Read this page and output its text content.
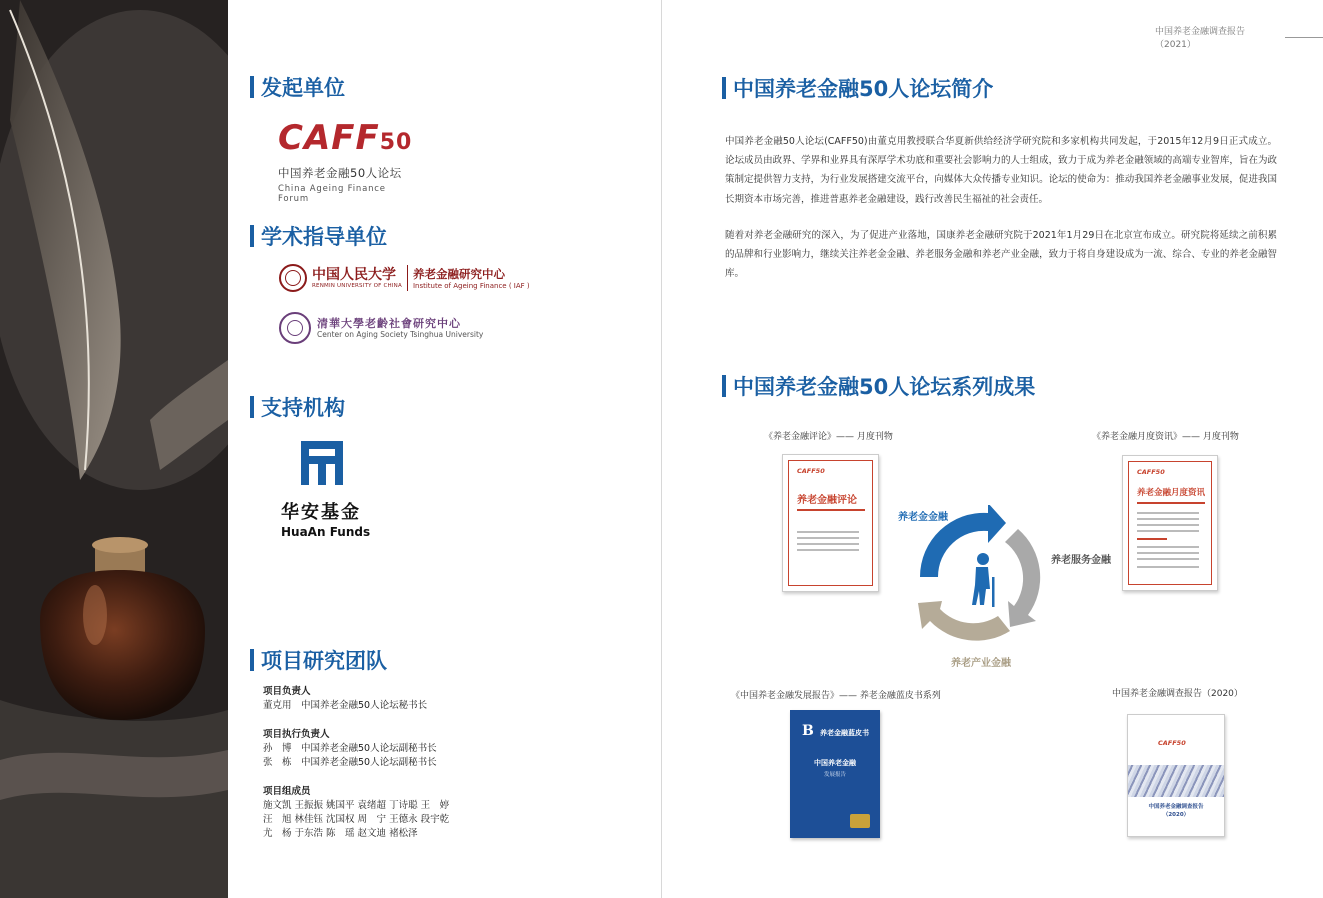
发起单位
CAFF50
中国养老金融50人论坛
China Ageing Finance Forum
学术指导单位
中国人民大学
RENMIN UNIVERSITY OF CHINA
养老金融研究中心
Institute of Ageing Finance ( IAF )
清華大學老齡社會研究中心
Center on Aging Society Tsinghua University
支持机构
华安基金
HuaAn Funds
项目研究团队
项目负责人
董克用　中国养老金融50人论坛秘书长
项目执行负责人
孙　博　中国养老金融50人论坛副秘书长
张　栋　中国养老金融50人论坛副秘书长
项目组成员
施文凯 王振振 姚国平 袁绪超 丁诗聪 王　婷
汪　旭 林佳钰 沈国权 周　宁 王德永 段宇乾
尤　杨 于东浩 陈　瑶 赵文迪 褚松泽
中国养老金融调查报告（2021）
中国养老金融50人论坛简介
中国养老金融50人论坛(CAFF50)由董克用教授联合华夏新供给经济学研究院和多家机构共同发起，于2015年12月9日正式成立。论坛成员由政界、学界和业界具有深厚学术功底和重要社会影响力的人士组成，致力于成为养老金融领域的高端专业智库，旨在为政策制定提供智力支持，为行业发展搭建交流平台，向媒体大众传播专业知识。论坛的使命为：推动我国养老金融事业发展，促进我国长期资本市场完善，推进普惠养老金融建设，践行改善民生福祉的社会责任。
随着对养老金融研究的深入，为了促进产业落地，国康养老金融研究院于2021年1月29日在北京宣布成立。研究院将延续之前积累的品牌和行业影响力，继续关注养老金金融、养老服务金融和养老产业金融，致力于将自身建设成为一流、综合、专业的养老金融智库。
中国养老金融50人论坛系列成果
《养老金融评论》—— 月度刊物	《养老金融月度资讯》—— 月度刊物
《中国养老金融发展报告》—— 养老金融蓝皮书系列	中国养老金融调查报告（2020）
CAFF50
养老金融评论
CAFF50
养老金融月度资讯
养老金金融
养老服务金融
养老产业金融
B 养老金融蓝皮书
中国养老金融
发展报告
CAFF50
中国养老金融调查报告
（2020）
